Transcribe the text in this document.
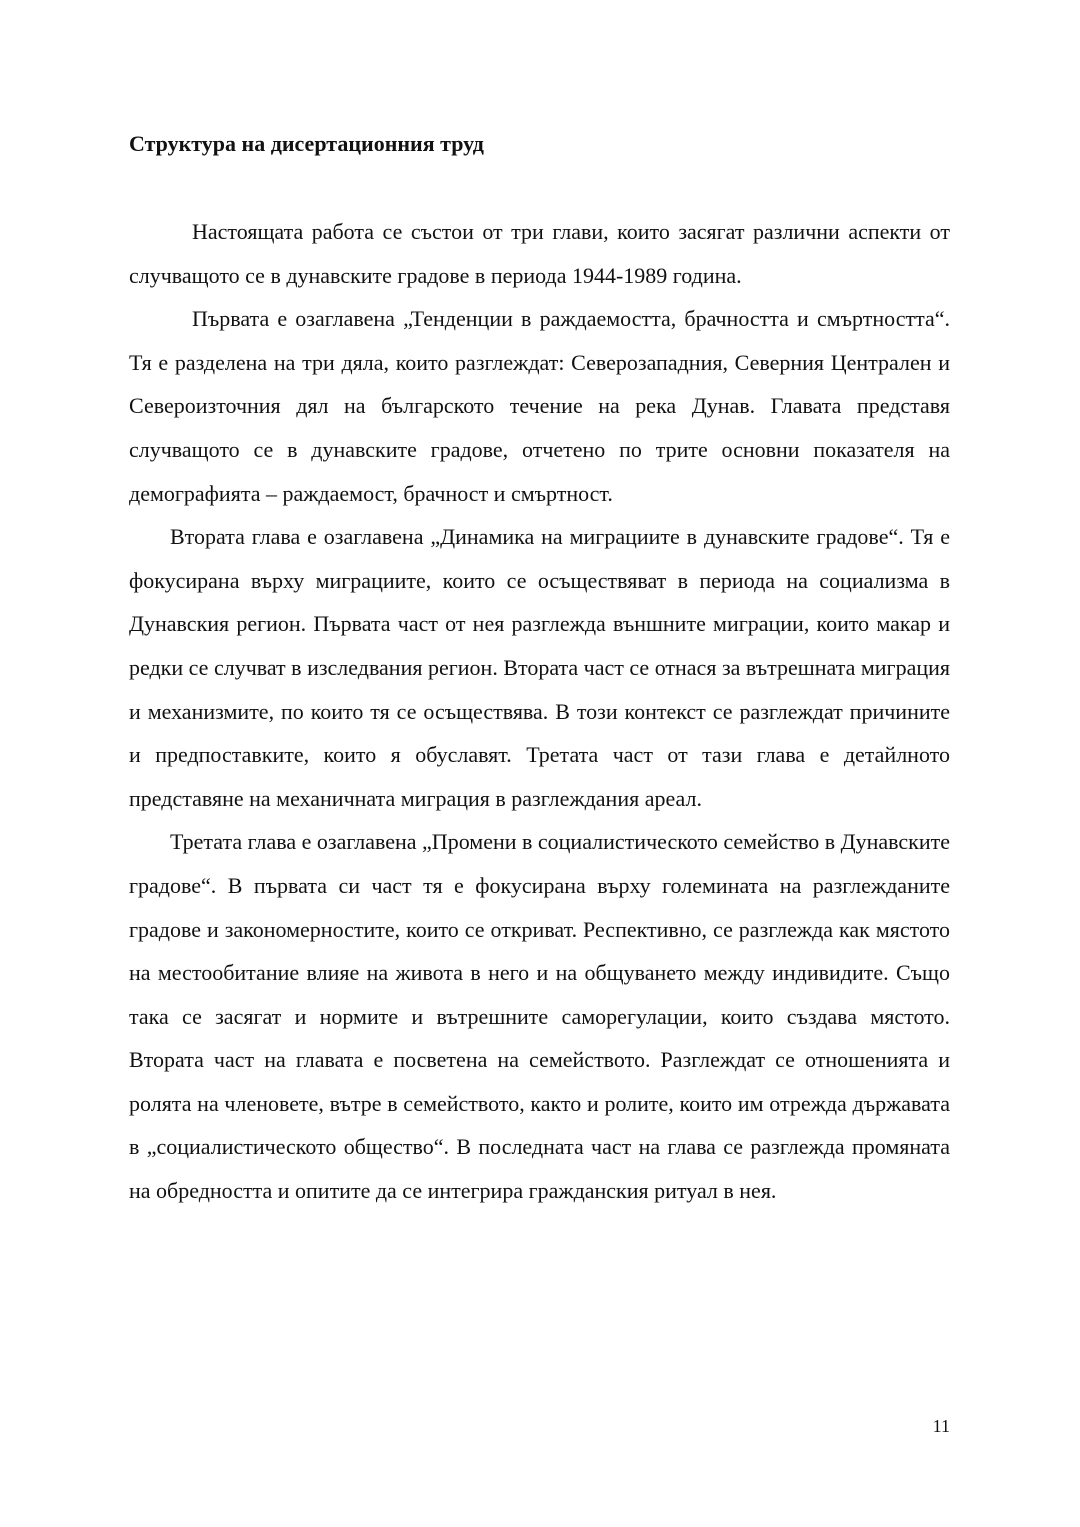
Структура на дисертационния труд

Настоящата работа се състои от три глави, които засягат различни аспекти от случващото се в дунавските градове в периода 1944-1989 година.

Първата е озаглавена „Тенденции в раждаемостта, брачността и смъртността“. Тя е разделена на три дяла, които разглеждат: Северозападния, Северния Централен и Североизточния дял на българското течение на река Дунав. Главата представя случващото се в дунавските градове, отчетено по трите основни показателя на демографията – раждаемост, брачност и смъртност.

Втората глава е озаглавена „Динамика на миграциите в дунавските градове“. Тя е фокусирана върху миграциите, които се осъществяват в периода на социализма в Дунавския регион. Първата част от нея разглежда външните миграции, които макар и редки се случват в изследвания регион. Втората част се отнася за вътрешната миграция и механизмите, по които тя се осъществява. В този контекст се разглеждат причините и предпоставките, които я обуславят. Третата част от тази глава е детайлното представяне на механичната миграция в разглеждания ареал.

Третата глава е озаглавена „Промени в социалистическото семейство в Дунавските градове“. В първата си част тя е фокусирана върху големината на разглежданите градове и закономерностите, които се откриват. Респективно, се разглежда как мястото на местообитание влияе на живота в него и на общуването между индивидите. Също така се засягат и нормите и вътрешните саморегулации, които създава мястото. Втората част на главата е посветена на семейството. Разглеждат се отношенията и ролята на членовете, вътре в семейството, както и ролите, които им отрежда държавата в „социалистическото общество“. В последната част на глава се разглежда промяната на обредността и опитите да се интегрира гражданския ритуал в нея.

11
